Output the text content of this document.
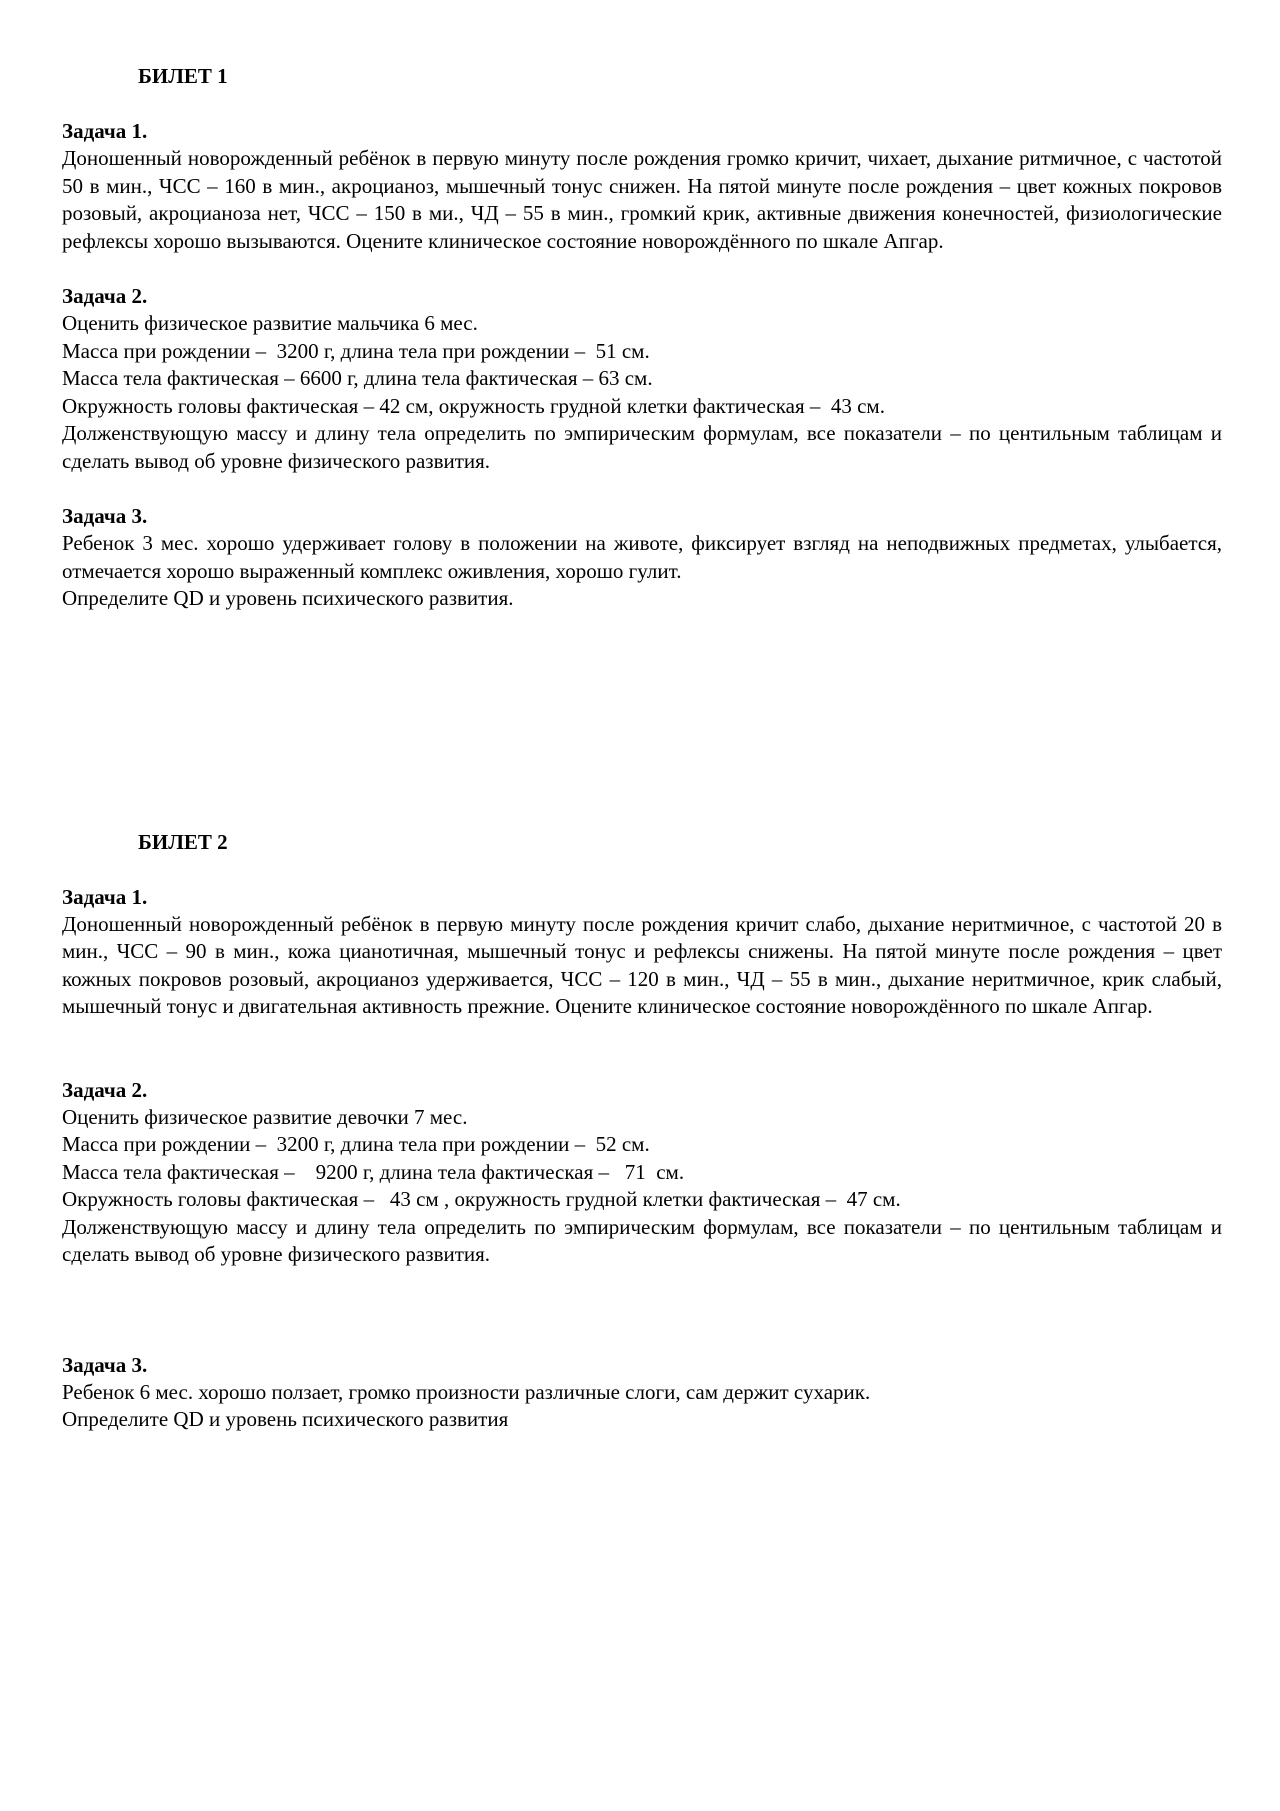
БИЛЕТ 1
Задача 1.

Доношенный новорожденный ребёнок в первую минуту после рождения громко кричит, чихает, дыхание ритмичное, с частотой 50 в мин., ЧСС – 160 в мин., акроцианоз, мышечный тонус снижен. На пятой минуте после рождения – цвет кожных покровов розовый, акроцианоза нет, ЧСС – 150 в ми., ЧД – 55 в мин., громкий крик, активные движения конечностей, физиологические рефлексы хорошо вызываются. Оцените клиническое состояние новорождённого по шкале Апгар.

Задача 2.
Оценить физическое развитие мальчика 6 мес.
Масса при рождении –  3200 г, длина тела при рождении –  51 см.
Масса тела фактическая – 6600 г, длина тела фактическая – 63 см.
Окружность головы фактическая – 42 см, окружность грудной клетки фактическая –  43 см.

Долженствующую массу и длину тела определить по эмпирическим формулам, все показатели – по центильным таблицам и сделать вывод об уровне физического развития.

Задача 3.

Ребенок 3 мес. хорошо удерживает голову в положении на животе, фиксирует взгляд на неподвижных предметах, улыбается, отмечается хорошо выраженный комплекс оживления, хорошо гулит.

Определите QD и уровень психического развития.
БИЛЕТ 2
Задача 1.

Доношенный новорожденный ребёнок в первую минуту после рождения кричит слабо, дыхание неритмичное, с частотой 20 в мин., ЧСС – 90 в мин., кожа цианотичная, мышечный тонус и рефлексы снижены. На пятой минуте после рождения – цвет кожных покровов розовый, акроцианоз удерживается, ЧСС – 120 в мин., ЧД – 55 в мин., дыхание неритмичное, крик слабый, мышечный тонус и двигательная активность прежние. Оцените клиническое состояние новорождённого по шкале Апгар.

Задача 2.
Оценить физическое развитие девочки 7 мес.
Масса при рождении –  3200 г, длина тела при рождении –  52 см.
Масса тела фактическая –    9200 г, длина тела фактическая –   71  см.
Окружность головы фактическая –   43 см , окружность грудной клетки фактическая –  47 см.

Долженствующую массу и длину тела определить по эмпирическим формулам, все показатели – по центильным таблицам и сделать вывод об уровне физического развития.

Задача 3.
Ребенок 6 мес. хорошо ползает, громко произности различные слоги, сам держит сухарик.
Определите QD и уровень психического развития
